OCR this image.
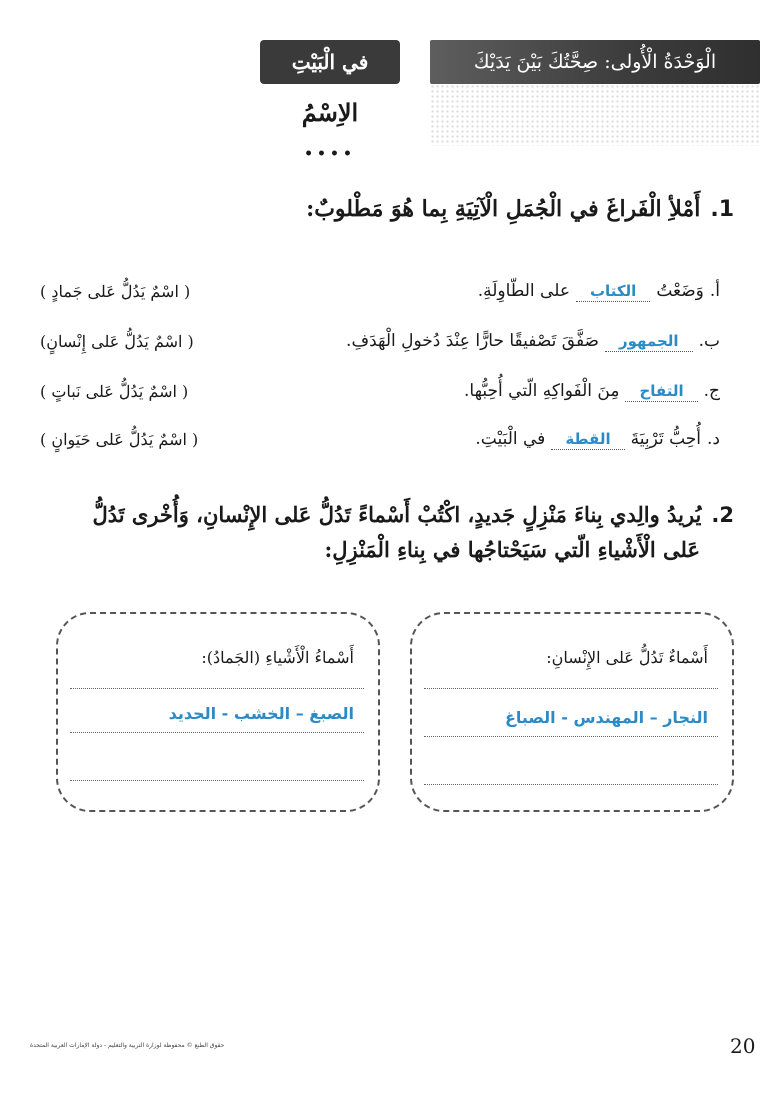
في الْبَيْتِ	الْوَحْدَةُ الْأُولى: صِحَّتُكَ بَيْنَ يَدَيْكَ
الاِسْمُ
••••
1.أَمْلأِ الْفَراغَ في الْجُمَلِ الْآتِيَةِ بِما هُوَ مَطْلوبٌ:
أ.
وَضَعْتُ
الكتاب
على الطّاوِلَةِ.
( اسْمٌ يَدُلُّ عَلى جَمادٍ )
ب.
الجمهور
صَفَّقَ تَصْفيقًا حارًّا عِنْدَ دُخولِ الْهَدَفِ.
( اسْمٌ يَدُلُّ عَلى إِنْسانٍ)
ج.
التفاح
مِنَ الْفَواكِهِ الّتي أُحِبُّها.
( اسْمٌ يَدُلُّ عَلى نَباتٍ )
د.
أُحِبُّ تَرْبِيَةَ
القطة
في الْبَيْتِ.
( اسْمٌ يَدُلُّ عَلى حَيَوانٍ )
2.يُريدُ والِدي بِناءَ مَنْزِلٍ جَديدٍ، اكْتُبْ أَسْماءً تَدُلُّ عَلى الإِنْسانِ، وَأُخْرى تَدُلُّ
عَلى الْأَشْياءِ الّتي سَيَحْتاجُها في بِناءِ الْمَنْزِلِ:
أَسْماءٌ تَدُلُّ عَلى الإِنْسانِ:
النجار – المهندس - الصباغ
أَسْماءُ الْأَشْياءِ (الجَمادُ):
الصبغ – الخشب - الحديد
حقوق الطبع © محفوظة لوزارة التربية والتعليم - دولة الإمارات العربية المتحدة	20
